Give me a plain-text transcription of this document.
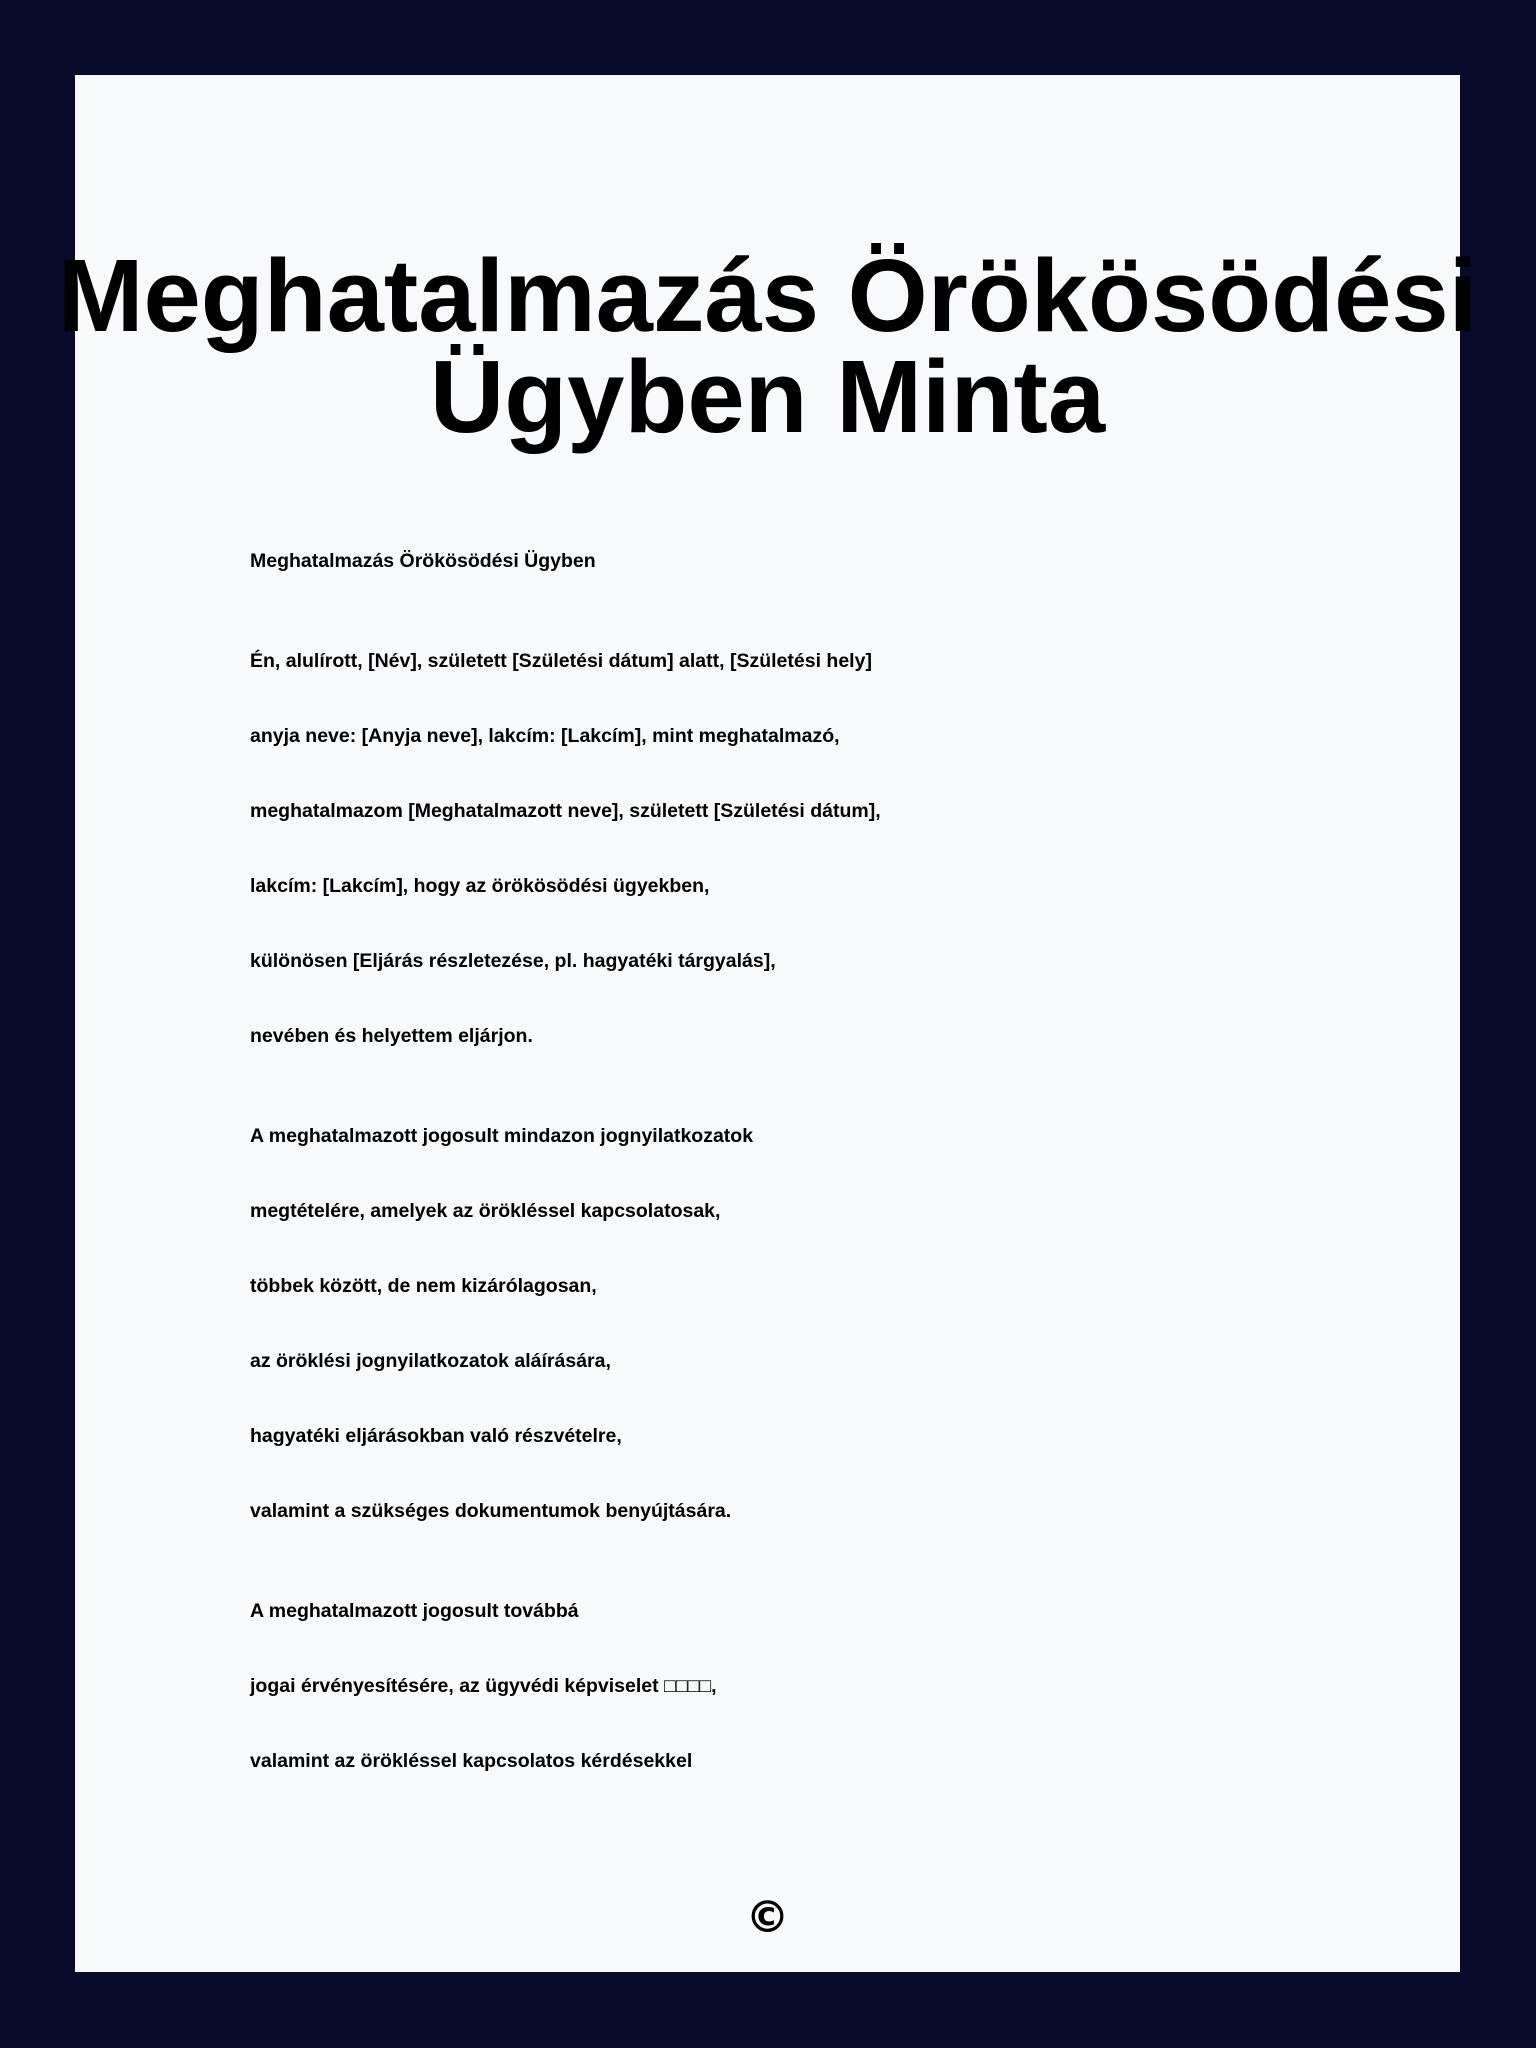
Meghatalmazás Örökösödési
Ügyben Minta

Meghatalmazás Örökösödési Ügyben

Én, alulírott, [Név], született [Születési dátum] alatt, [Születési hely]

anyja neve: [Anyja neve], lakcím: [Lakcím], mint meghatalmazó,

meghatalmazom [Meghatalmazott neve], született [Születési dátum],

lakcím: [Lakcím], hogy az örökösödési ügyekben,

különösen [Eljárás részletezése, pl. hagyatéki tárgyalás],

nevében és helyettem eljárjon.

A meghatalmazott jogosult mindazon jognyilatkozatok

megtételére, amelyek az örökléssel kapcsolatosak,

többek között, de nem kizárólagosan,

az öröklési jognyilatkozatok aláírására,

hagyatéki eljárásokban való részvételre,

valamint a szükséges dokumentumok benyújtására.

A meghatalmazott jogosult továbbá

jogai érvényesítésére, az ügyvédi képviselet □□□□,

valamint az örökléssel kapcsolatos kérdésekkel

©
